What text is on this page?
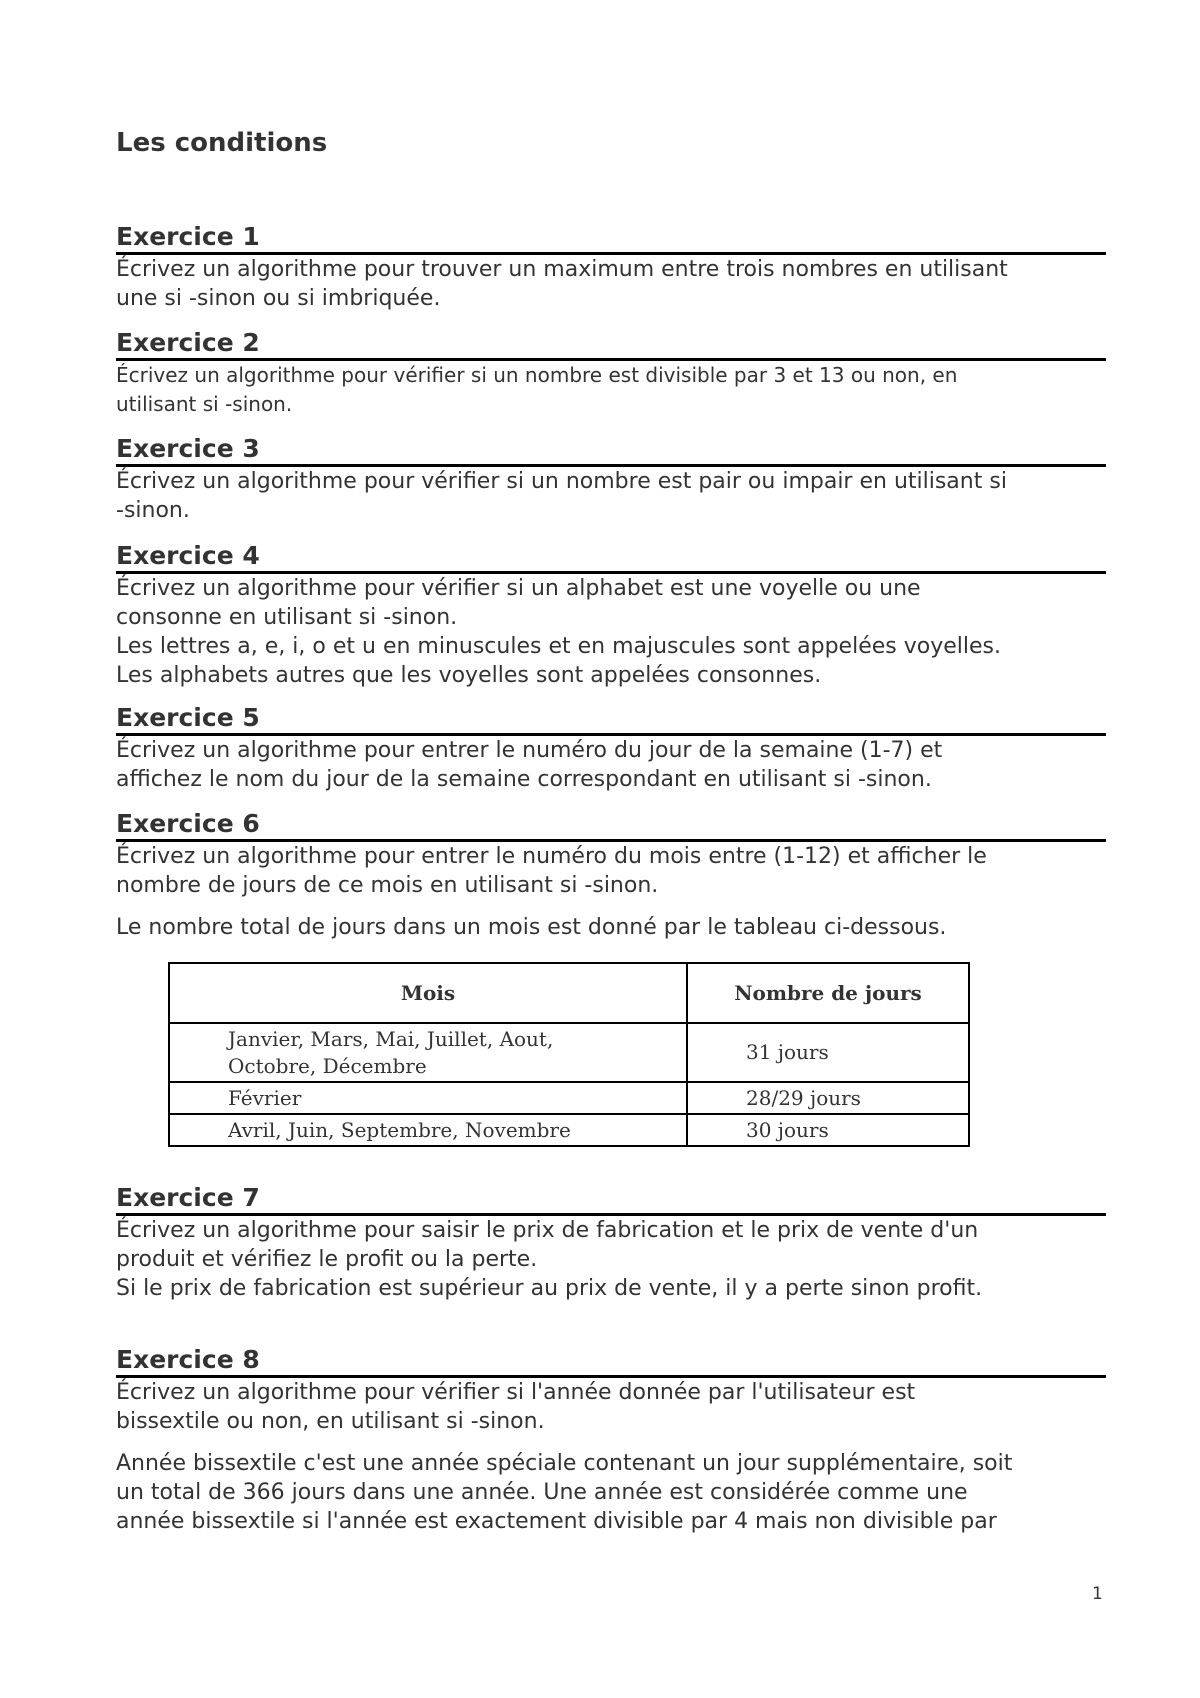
Les conditions
Exercice 1

Écrivez un algorithme pour trouver un maximum entre trois nombres en utilisant

une si -sinon ou si imbriquée.

Exercice 2

Écrivez un algorithme pour vérifier si un nombre est divisible par 3 et 13 ou non, en

utilisant si -sinon.

Exercice 3

Écrivez un algorithme pour vérifier si un nombre est pair ou impair en utilisant si

-sinon.

Exercice 4

Écrivez un algorithme pour vérifier si un alphabet est une voyelle ou une

consonne en utilisant si -sinon.

Les lettres a, e, i, o et u en minuscules et en majuscules sont appelées voyelles.

Les alphabets autres que les voyelles sont appelées consonnes.

Exercice 5

Écrivez un algorithme pour entrer le numéro du jour de la semaine (1-7) et

affichez le nom du jour de la semaine correspondant en utilisant si -sinon.

Exercice 6

Écrivez un algorithme pour entrer le numéro du mois entre (1-12) et afficher le

nombre de jours de ce mois en utilisant si -sinon.

Le nombre total de jours dans un mois est donné par le tableau ci-dessous.

Mois	Nombre de jours
Janvier, Mars, Mai, Juillet, Aout, Octobre, Décembre	31 jours
Février	28/29 jours
Avril, Juin, Septembre, Novembre	30 jours
Exercice 7

Écrivez un algorithme pour saisir le prix de fabrication et le prix de vente d'un

produit et vérifiez le profit ou la perte.

Si le prix de fabrication est supérieur au prix de vente, il y a perte sinon profit.

Exercice 8

Écrivez un algorithme pour vérifier si l'année donnée par l'utilisateur est

bissextile ou non, en utilisant si -sinon.

Année bissextile c'est une année spéciale contenant un jour supplémentaire, soit

un total de 366 jours dans une année. Une année est considérée comme une

année bissextile si l'année est exactement divisible par 4 mais non divisible par

1
